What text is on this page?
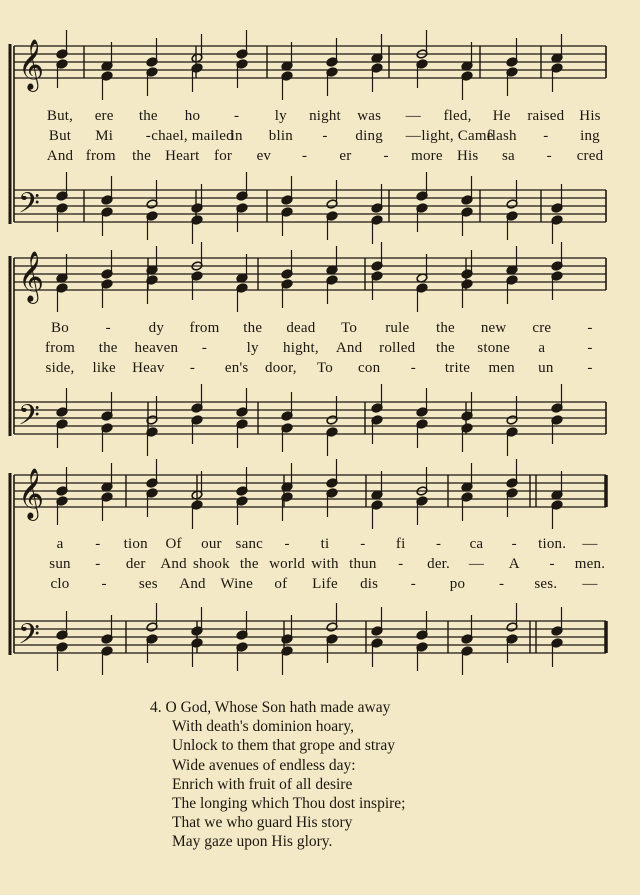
𝄞
𝄢
𝄞
𝄢
𝄞
𝄢
But, ere the ho - ly night was — fled, He raised His
But Mi - chael, mailed
in blin - ding — light, Came
flash - ing
And from the Heart for ev - er - more His sa - cred
Bo -	dy from the dead To rule the new cre -
from the heaven -	ly hight, And rolled the stone a	-
side, like Heav - en's door, To con - trite men un -
a - tion Of our sanc - ti - fi - ca - tion. —
sun - der And shook the world with thun - der. — A - men.
clo - ses And Wine of Life dis - po - ses. —
4. O God, Whose Son hath made away
With death's dominion hoary,
Unlock to them that grope and stray
Wide avenues of endless day:
Enrich with fruit of all desire
The longing which Thou dost inspire;
That we who guard His story
May gaze upon His glory.
